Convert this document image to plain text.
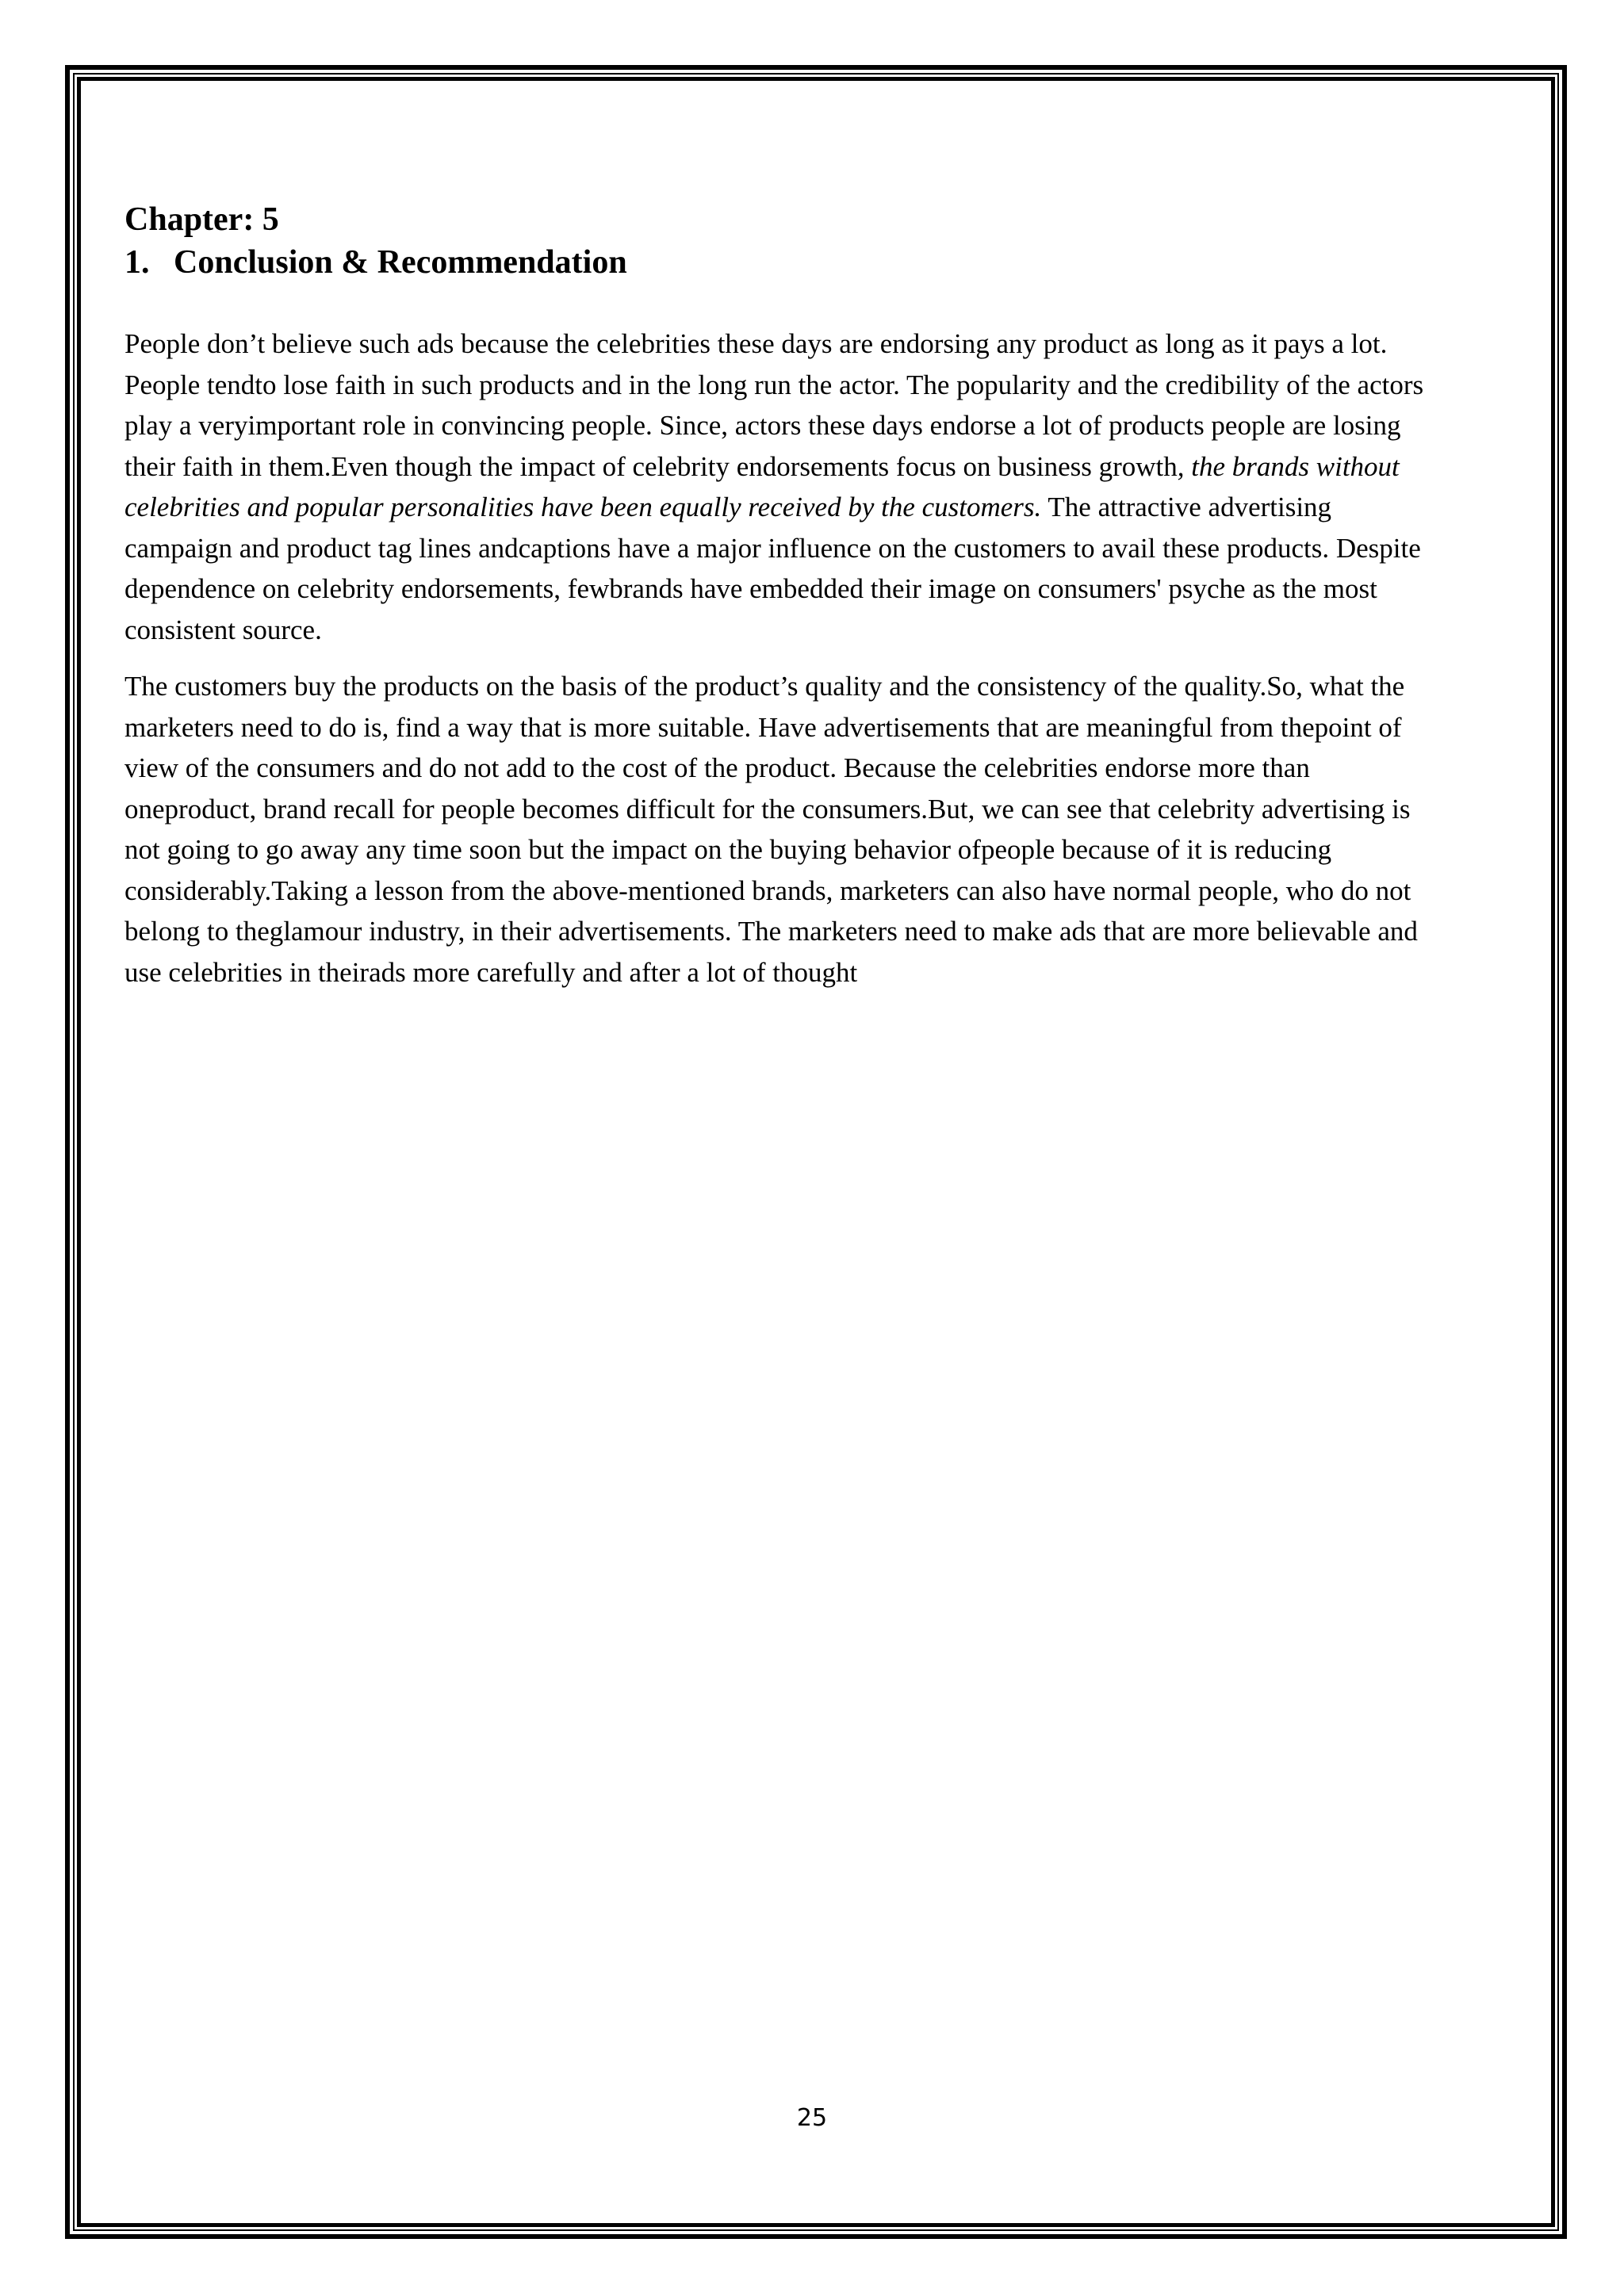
Chapter: 5
1. Conclusion & Recommendation

People don’t believe such ads because the celebrities these days are endorsing any product as long as it pays a lot. People tendto lose faith in such products and in the long run the actor. The popularity and the credibility of the actors play a veryimportant role in convincing people. Since, actors these days endorse a lot of products people are losing their faith in them.Even though the impact of celebrity endorsements focus on business growth, the brands without celebrities and popular personalities have been equally received by the customers. The attractive advertising campaign and product tag lines andcaptions have a major influence on the customers to avail these products. Despite dependence on celebrity endorsements, fewbrands have embedded their image on consumers' psyche as the most consistent source.

The customers buy the products on the basis of the product’s quality and the consistency of the quality.So, what the marketers need to do is, find a way that is more suitable. Have advertisements that are meaningful from thepoint of view of the consumers and do not add to the cost of the product. Because the celebrities endorse more than oneproduct, brand recall for people becomes difficult for the consumers.But, we can see that celebrity advertising is not going to go away any time soon but the impact on the buying behavior ofpeople because of it is reducing considerably.Taking a lesson from the above-mentioned brands, marketers can also have normal people, who do not belong to theglamour industry, in their advertisements. The marketers need to make ads that are more believable and use celebrities in theirads more carefully and after a lot of thought

25
